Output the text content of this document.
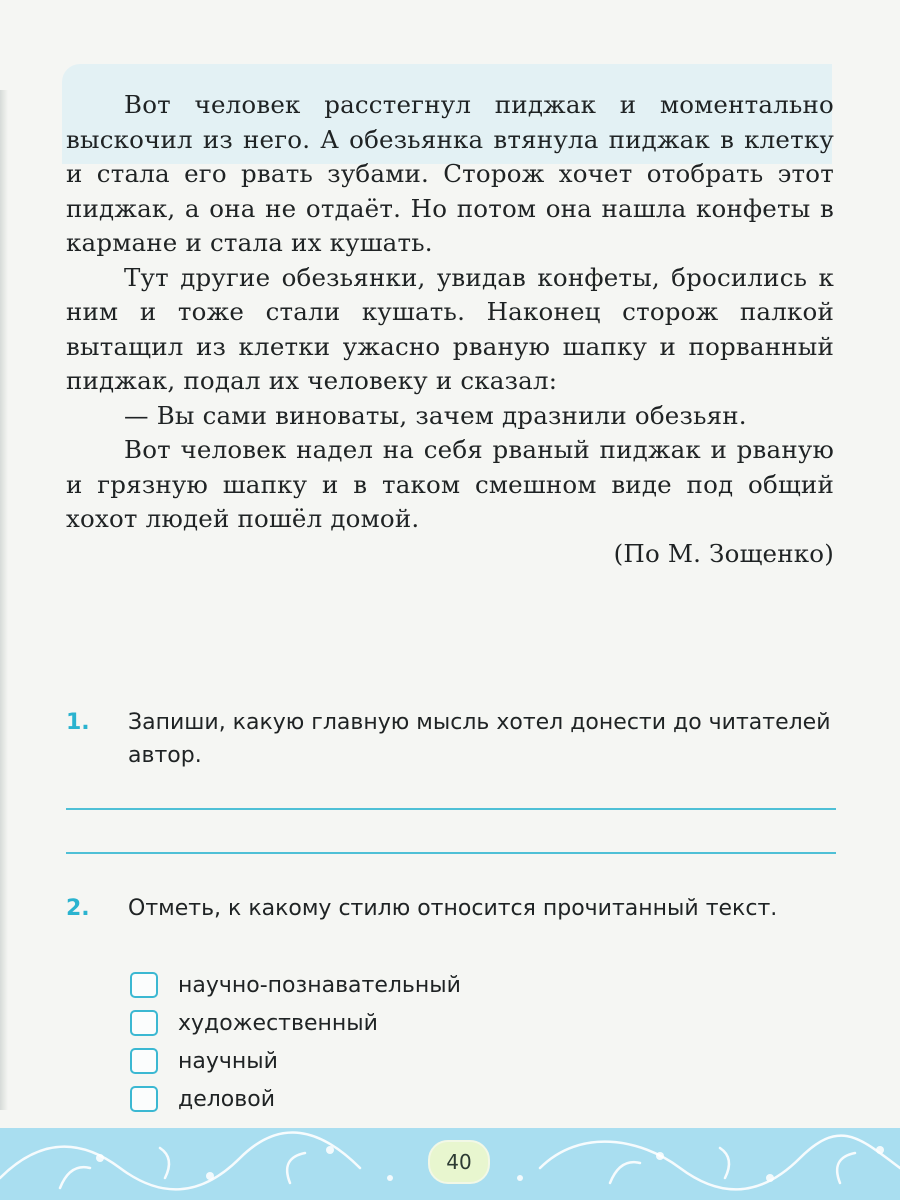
Вот человек расстегнул пиджак и моментально выскочил из него. А обезьянка втянула пиджак в клетку и стала его рвать зубами. Сторож хочет отобрать этот пиджак, а она не отдаёт. Но потом она нашла конфеты в кармане и стала их кушать.

Тут другие обезьянки, увидав конфеты, бросились к ним и тоже стали кушать. Наконец сторож палкой вытащил из клетки ужасно рваную шапку и порванный пиджак, подал их человеку и сказал:

— Вы сами виноваты, зачем дразнили обезьян.

Вот человек надел на себя рваный пиджак и рваную и грязную шапку и в таком смешном виде под общий хохот людей пошёл домой.

(По М. Зощенко)

1. Запиши, какую главную мысль хотел донести до читателей автор.
2. Отметь, к какому стилю относится прочитанный текст.
научно-познавательный
художественный
научный
деловой
40
